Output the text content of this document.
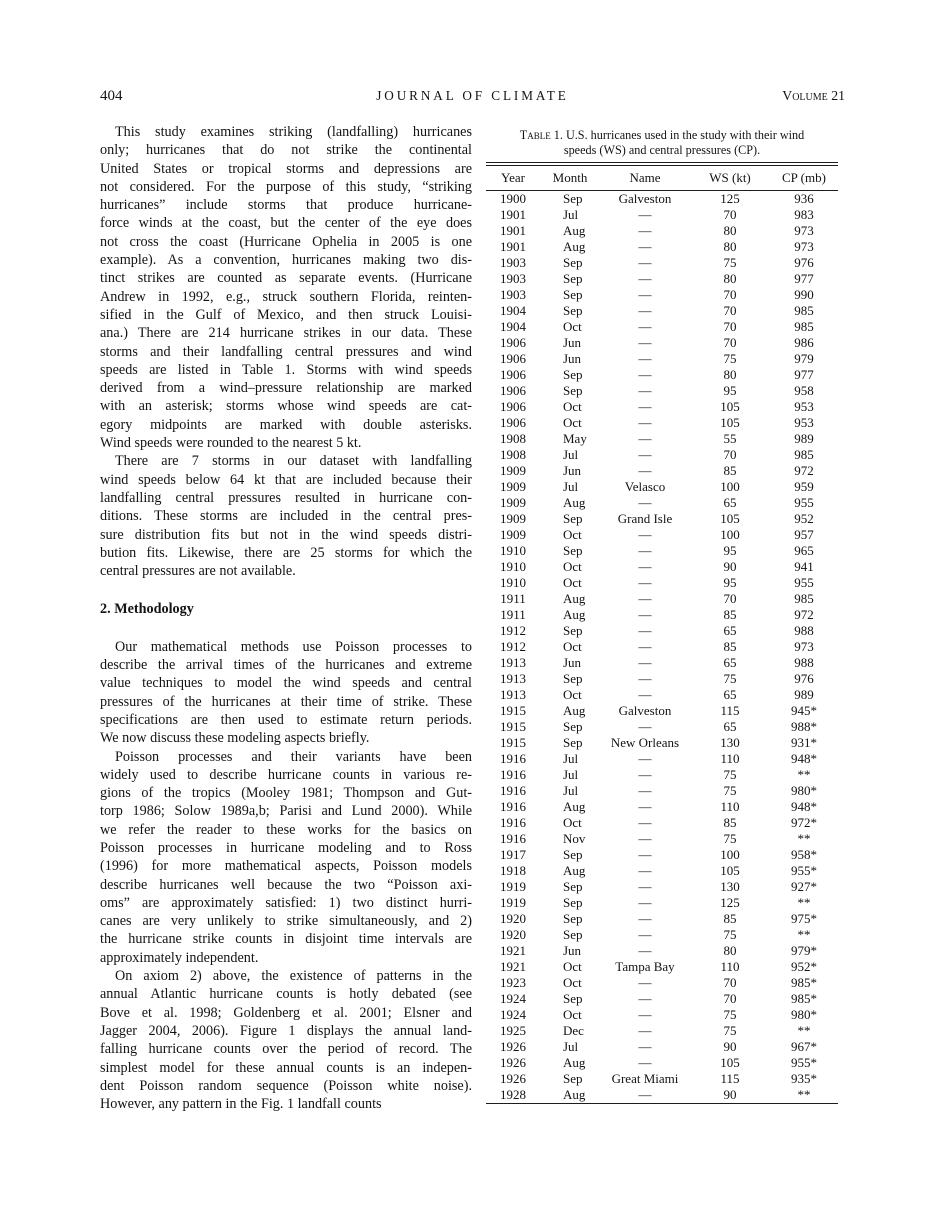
404	JOURNAL OF CLIMATE	Volume 21
This study examines striking (landfalling) hurricanes
only; hurricanes that do not strike the continental
United States or tropical storms and depressions are
not considered. For the purpose of this study, “striking
hurricanes” include storms that produce hurricane-
force winds at the coast, but the center of the eye does
not cross the coast (Hurricane Ophelia in 2005 is one
example). As a convention, hurricanes making two dis-
tinct strikes are counted as separate events. (Hurricane
Andrew in 1992, e.g., struck southern Florida, reinten-
sified in the Gulf of Mexico, and then struck Louisi-
ana.) There are 214 hurricane strikes in our data. These
storms and their landfalling central pressures and wind
speeds are listed in Table 1. Storms with wind speeds
derived from a wind–pressure relationship are marked
with an asterisk; storms whose wind speeds are cat-
egory midpoints are marked with double asterisks.
Wind speeds were rounded to the nearest 5 kt.
There are 7 storms in our dataset with landfalling
wind speeds below 64 kt that are included because their
landfalling central pressures resulted in hurricane con-
ditions. These storms are included in the central pres-
sure distribution fits but not in the wind speeds distri-
bution fits. Likewise, there are 25 storms for which the
central pressures are not available.
2. Methodology
Our mathematical methods use Poisson processes to
describe the arrival times of the hurricanes and extreme
value techniques to model the wind speeds and central
pressures of the hurricanes at their time of strike. These
specifications are then used to estimate return periods.
We now discuss these modeling aspects briefly.
Poisson processes and their variants have been
widely used to describe hurricane counts in various re-
gions of the tropics (Mooley 1981; Thompson and Gut-
torp 1986; Solow 1989a,b; Parisi and Lund 2000). While
we refer the reader to these works for the basics on
Poisson processes in hurricane modeling and to Ross
(1996) for more mathematical aspects, Poisson models
describe hurricanes well because the two “Poisson axi-
oms” are approximately satisfied: 1) two distinct hurri-
canes are very unlikely to strike simultaneously, and 2)
the hurricane strike counts in disjoint time intervals are
approximately independent.
On axiom 2) above, the existence of patterns in the
annual Atlantic hurricane counts is hotly debated (see
Bove et al. 1998; Goldenberg et al. 2001; Elsner and
Jagger 2004, 2006). Figure 1 displays the annual land-
falling hurricane counts over the period of record. The
simplest model for these annual counts is an indepen-
dent Poisson random sequence (Poisson white noise).
However, any pattern in the Fig. 1 landfall counts
Table 1. U.S. hurricanes used in the study with their wind
speeds (WS) and central pressures (CP).
Year	Month	Name	WS (kt)	CP (mb)
1900	Sep	Galveston	125	936
1901	Jul	—	70	983
1901	Aug	—	80	973
1901	Aug	—	80	973
1903	Sep	—	75	976
1903	Sep	—	80	977
1903	Sep	—	70	990
1904	Sep	—	70	985
1904	Oct	—	70	985
1906	Jun	—	70	986
1906	Jun	—	75	979
1906	Sep	—	80	977
1906	Sep	—	95	958
1906	Oct	—	105	953
1906	Oct	—	105	953
1908	May	—	55	989
1908	Jul	—	70	985
1909	Jun	—	85	972
1909	Jul	Velasco	100	959
1909	Aug	—	65	955
1909	Sep	Grand Isle	105	952
1909	Oct	—	100	957
1910	Sep	—	95	965
1910	Oct	—	90	941
1910	Oct	—	95	955
1911	Aug	—	70	985
1911	Aug	—	85	972
1912	Sep	—	65	988
1912	Oct	—	85	973
1913	Jun	—	65	988
1913	Sep	—	75	976
1913	Oct	—	65	989
1915	Aug	Galveston	115	945*
1915	Sep	—	65	988*
1915	Sep	New Orleans	130	931*
1916	Jul	—	110	948*
1916	Jul	—	75	**
1916	Jul	—	75	980*
1916	Aug	—	110	948*
1916	Oct	—	85	972*
1916	Nov	—	75	**
1917	Sep	—	100	958*
1918	Aug	—	105	955*
1919	Sep	—	130	927*
1919	Sep	—	125	**
1920	Sep	—	85	975*
1920	Sep	—	75	**
1921	Jun	—	80	979*
1921	Oct	Tampa Bay	110	952*
1923	Oct	—	70	985*
1924	Sep	—	70	985*
1924	Oct	—	75	980*
1925	Dec	—	75	**
1926	Jul	—	90	967*
1926	Aug	—	105	955*
1926	Sep	Great Miami	115	935*
1928	Aug	—	90	**
